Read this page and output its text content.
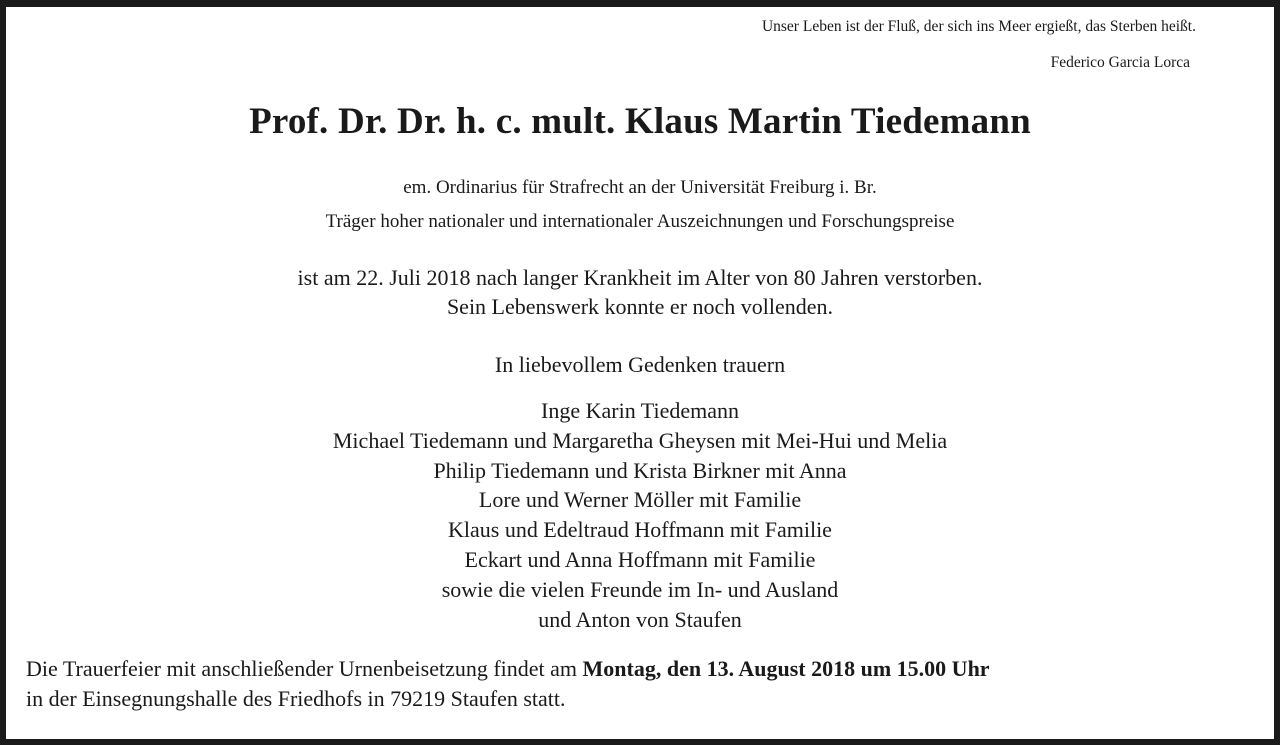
Unser Leben ist der Fluß, der sich ins Meer ergießt, das Sterben heißt.
Federico Garcia Lorca
Prof. Dr. Dr. h. c. mult. Klaus Martin Tiedemann
em. Ordinarius für Strafrecht an der Universität Freiburg i. Br.
Träger hoher nationaler und internationaler Auszeichnungen und Forschungspreise
ist am 22. Juli 2018 nach langer Krankheit im Alter von 80 Jahren verstorben.
Sein Lebenswerk konnte er noch vollenden.
In liebevollem Gedenken trauern
Inge Karin Tiedemann
Michael Tiedemann und Margaretha Gheysen mit Mei-Hui und Melia
Philip Tiedemann und Krista Birkner mit Anna
Lore und Werner Möller mit Familie
Klaus und Edeltraud Hoffmann mit Familie
Eckart und Anna Hoffmann mit Familie
sowie die vielen Freunde im In- und Ausland
und Anton von Staufen
Die Trauerfeier mit anschließender Urnenbeisetzung findet am Montag, den 13. August 2018 um 15.00 Uhr
in der Einsegnungshalle des Friedhofs in 79219 Staufen statt.
